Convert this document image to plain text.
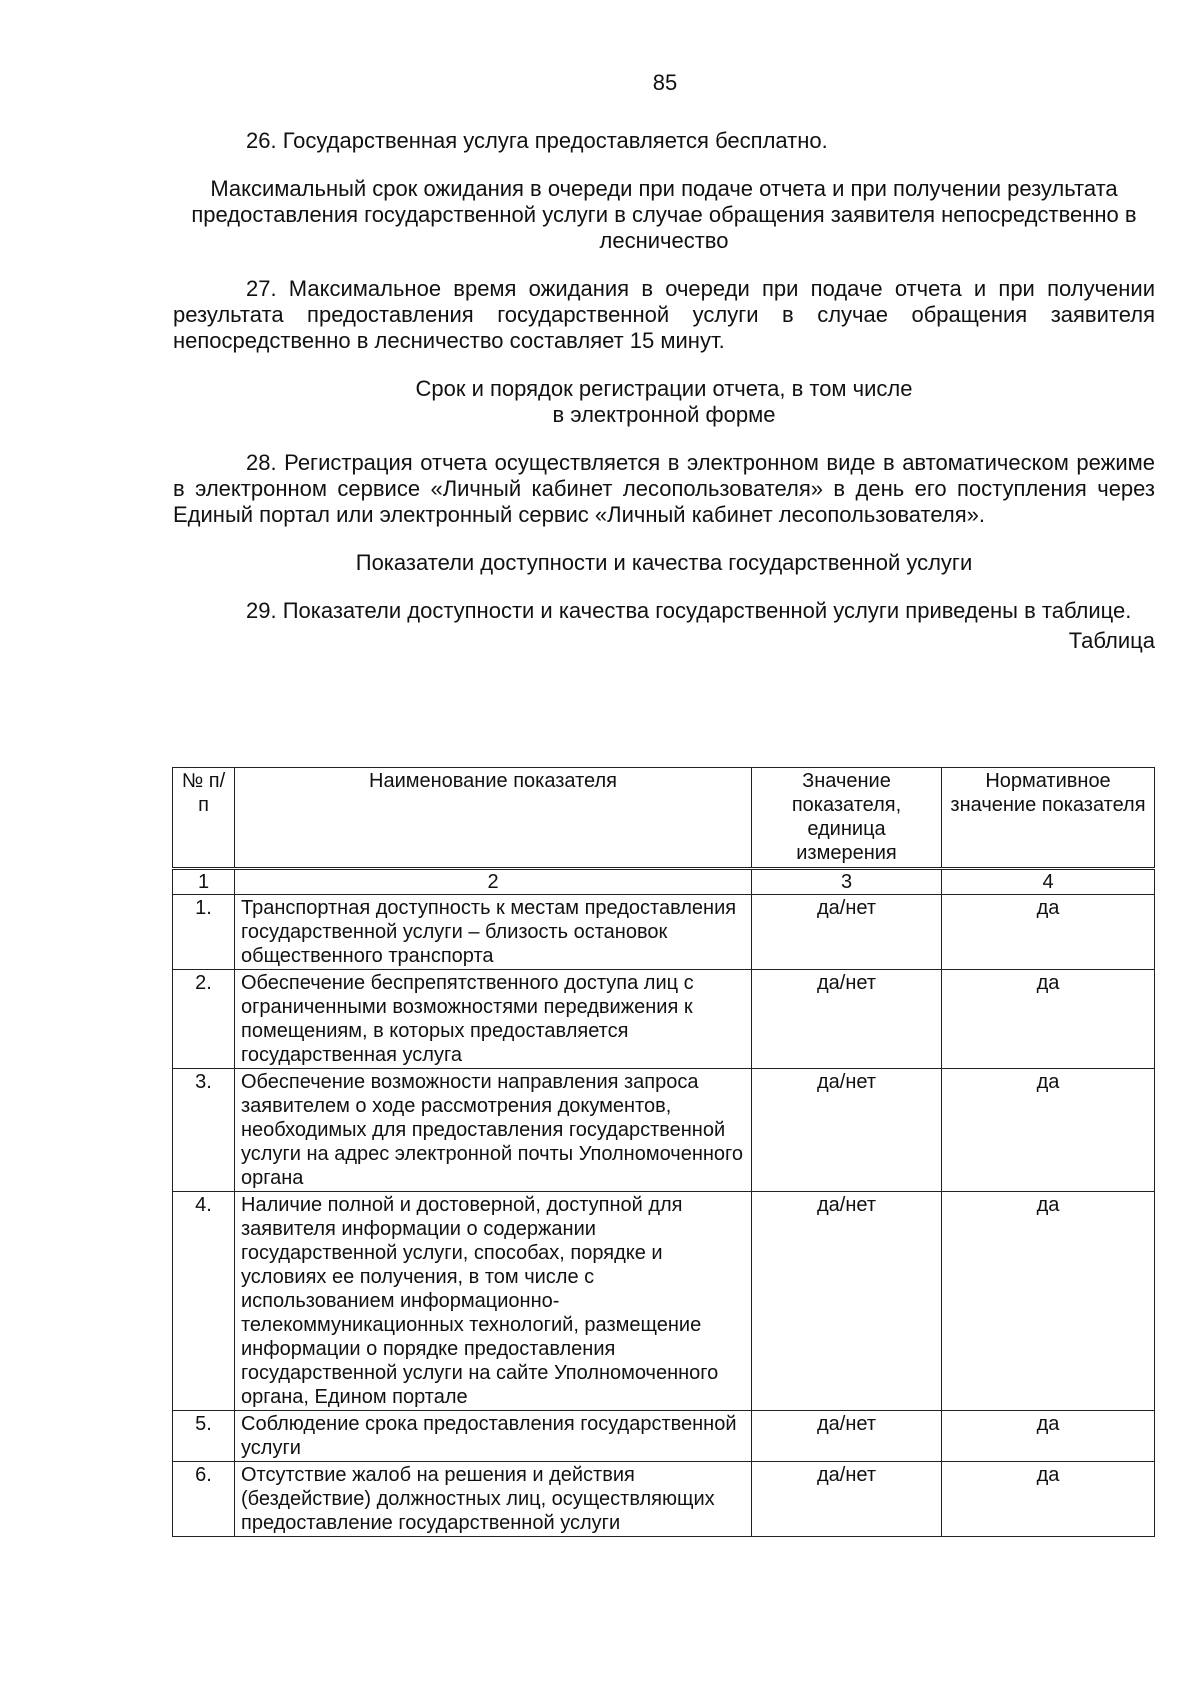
85

26. Государственная услуга предоставляется бесплатно.

Максимальный срок ожидания в очереди при подаче отчета и при получении результата предоставления государственной услуги в случае обращения заявителя непосредственно в лесничество

27. Максимальное время ожидания в очереди при подаче отчета и при получении результата предоставления государственной услуги в случае обращения заявителя непосредственно в лесничество составляет 15 минут.

Срок и порядок регистрации отчета, в том числе

в электронной форме

28. Регистрация отчета осуществляется в электронном виде в автоматическом режиме в электронном сервисе «Личный кабинет лесопользователя» в день его поступления через Единый портал или электронный сервис «Личный кабинет лесопользователя».

Показатели доступности и качества государственной услуги

29. Показатели доступности и качества государственной услуги приведены в таблице.

Таблица

№ п/п	Наименование показателя	Значение показателя, единица измерения	Нормативное значение показателя
1	2	3	4
1.	Транспортная доступность к местам предоставления государственной услуги – близость остановок общественного транспорта	да/нет	да
2.	Обеспечение беспрепятственного доступа лиц с ограниченными возможностями передвижения к помещениям, в которых предоставляется государственная услуга	да/нет	да
3.	Обеспечение возможности направления запроса заявителем о ходе рассмотрения документов, необходимых для предоставления государственной услуги на адрес электронной почты Уполномоченного органа	да/нет	да
4.	Наличие полной и достоверной, доступной для заявителя информации о содержании государственной услуги, способах, порядке и условиях ее получения, в том числе с использованием информационно-телекоммуникационных технологий, размещение информации о порядке предоставления государственной услуги на сайте Уполномоченного органа, Едином портале	да/нет	да
5.	Соблюдение срока предоставления государственной услуги	да/нет	да
6.	Отсутствие жалоб на решения и действия (бездействие) должностных лиц, осуществляющих предоставление государственной услуги	да/нет	да
